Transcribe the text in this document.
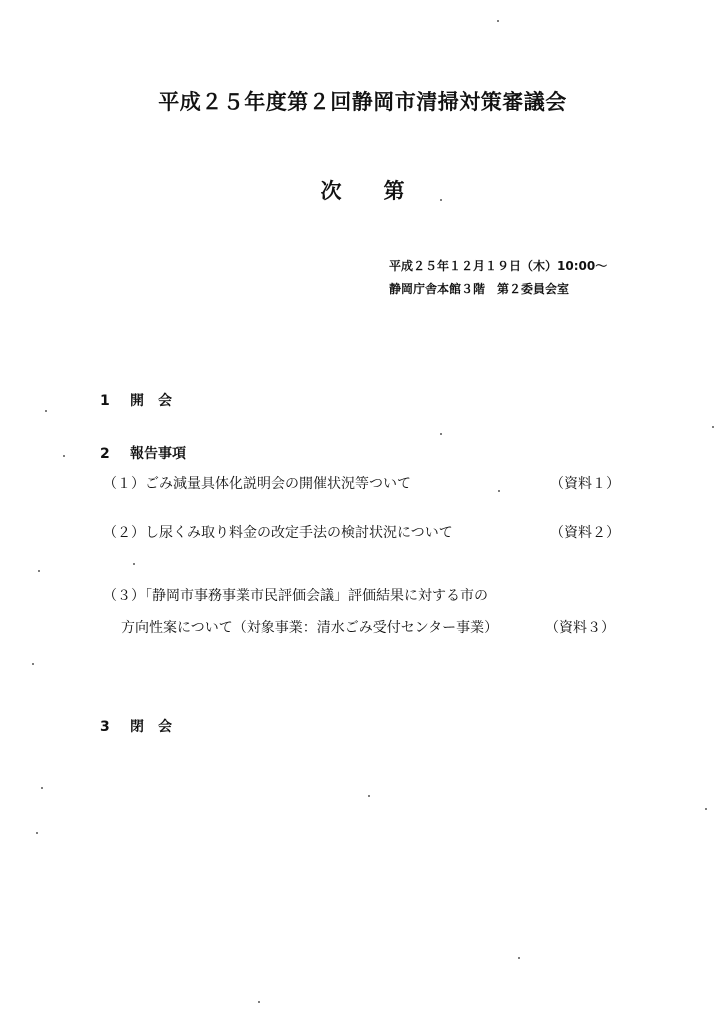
平成２５年度第２回静岡市清掃対策審議会
次　　第
平成２５年１２月１９日（木）10:00～
静岡庁舎本館３階　第２委員会室
1 開　会
2 報告事項
（１）ごみ減量具体化説明会の開催状況等ついて	（資料１）
（２）し尿くみ取り料金の改定手法の検討状況について	（資料２）
（３）「静岡市事務事業市民評価会議」評価結果に対する市の
方向性案について（対象事業：清水ごみ受付センター事業）	（資料３）
3 閉　会
